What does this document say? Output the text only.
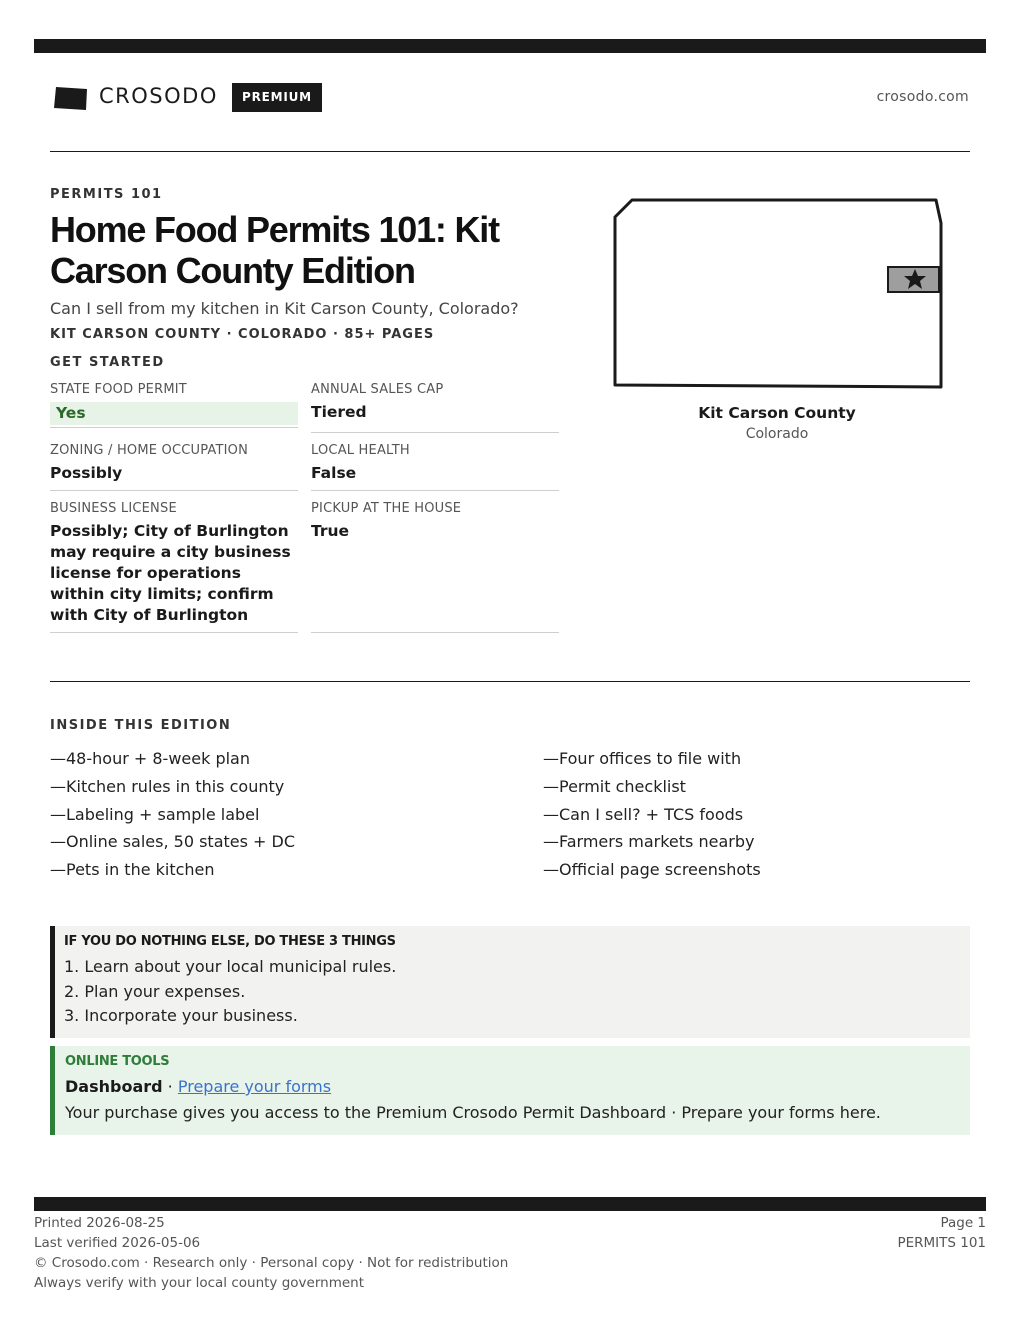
CROSODO	PREMIUM	crosodo.com
PERMITS 101
Home Food Permits 101: Kit Carson County Edition
Can I sell from my kitchen in Kit Carson County, Colorado?
KIT CARSON COUNTY · COLORADO · 85+ PAGES
GET STARTED
STATE FOOD PERMIT
Yes
ANNUAL SALES CAP
Tiered
ZONING / HOME OCCUPATION
Possibly
LOCAL HEALTH
False
BUSINESS LICENSE
Possibly; City of Burlington may require a city business license for operations within city limits; confirm with City of Burlington
PICKUP AT THE HOUSE
True
Kit Carson County
Colorado
INSIDE THIS EDITION
—48-hour + 8-week plan
—Kitchen rules in this county
—Labeling + sample label
—Online sales, 50 states + DC
—Pets in the kitchen
—Four offices to file with
—Permit checklist
—Can I sell? + TCS foods
—Farmers markets nearby
—Official page screenshots
IF YOU DO NOTHING ELSE, DO THESE 3 THINGS
1. Learn about your local municipal rules.
2. Plan your expenses.
3. Incorporate your business.
ONLINE TOOLS
Dashboard · Prepare your forms
Your purchase gives you access to the Premium Crosodo Permit Dashboard · Prepare your forms here.
Printed 2026-08-25
Last verified 2026-05-06
© Crosodo.com · Research only · Personal copy · Not for redistribution
Always verify with your local county government
Page 1
PERMITS 101
